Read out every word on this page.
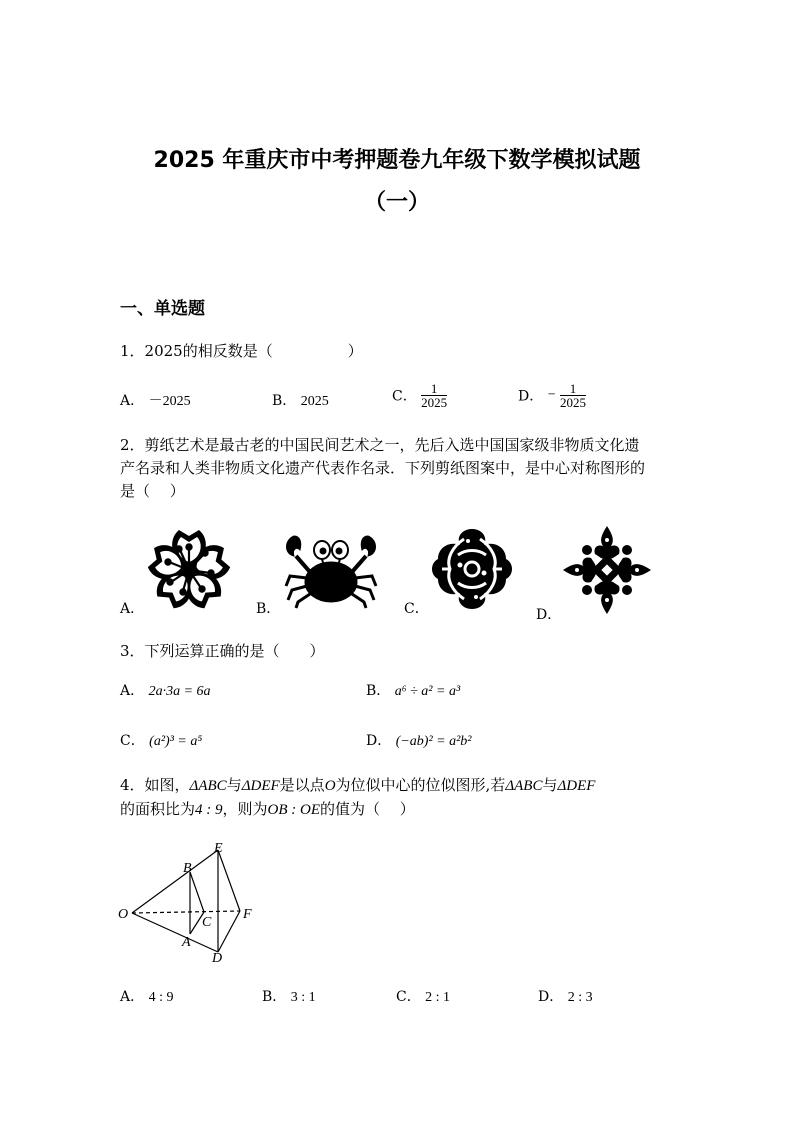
2025 年重庆市中考押题卷九年级下数学模拟试题
（一）
一、单选题
1．2025的相反数是（　　　　　）
A． －2025	B． 2025	C． $\frac{1}{2025}$	D． − $\frac{1}{2025}$
2．剪纸艺术是最古老的中国民间艺术之一，先后入选中国国家级非物质文化遗
产名录和人类非物质文化遗产代表作名录．下列剪纸图案中，是中心对称图形的
是（　 ）
A．	B．	C．	D．
3．下列运算正确的是（　　）
A． 2a·3a = 6a	B． a⁶ ÷ a² = a³
C． (a²)³ = a⁵	D． (−ab)² = a²b²
4．如图，ΔABC与ΔDEF是以点O为位似中心的位似图形,若ΔABC与ΔDEF
的面积比为4 : 9，则为OB : OE的值为（　 ）
O
A
B
C
D
E
F
A． 4 : 9	B． 3 : 1	C． 2 : 1	D． 2 : 3
